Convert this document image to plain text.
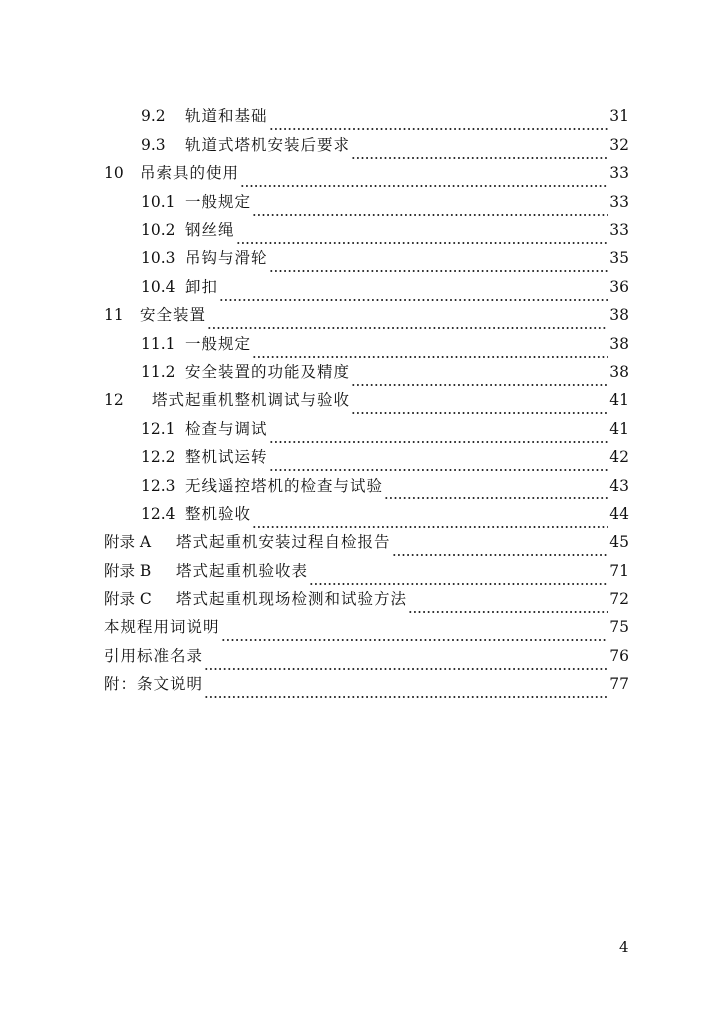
9.2	轨道和基础	31
9.3	轨道式塔机安装后要求	32
10	吊索具的使用	33
10.1 一般规定	33
10.2 钢丝绳	33
10.3 吊钩与滑轮	35
10.4 卸扣	36
11	安全装置	38
11.1 一般规定	38
11.2 安全装置的功能及精度	38
12	塔式起重机整机调试与验收	41
12.1 检查与调试	41
12.2 整机试运转	42
12.3 无线遥控塔机的检查与试验	43
12.4 整机验收	44
附录 A	塔式起重机安装过程自检报告	45
附录 B	塔式起重机验收表	71
附录 C	塔式起重机现场检测和试验方法	72
本规程用词说明	75
引用标准名录	76
附：条文说明	77
4
